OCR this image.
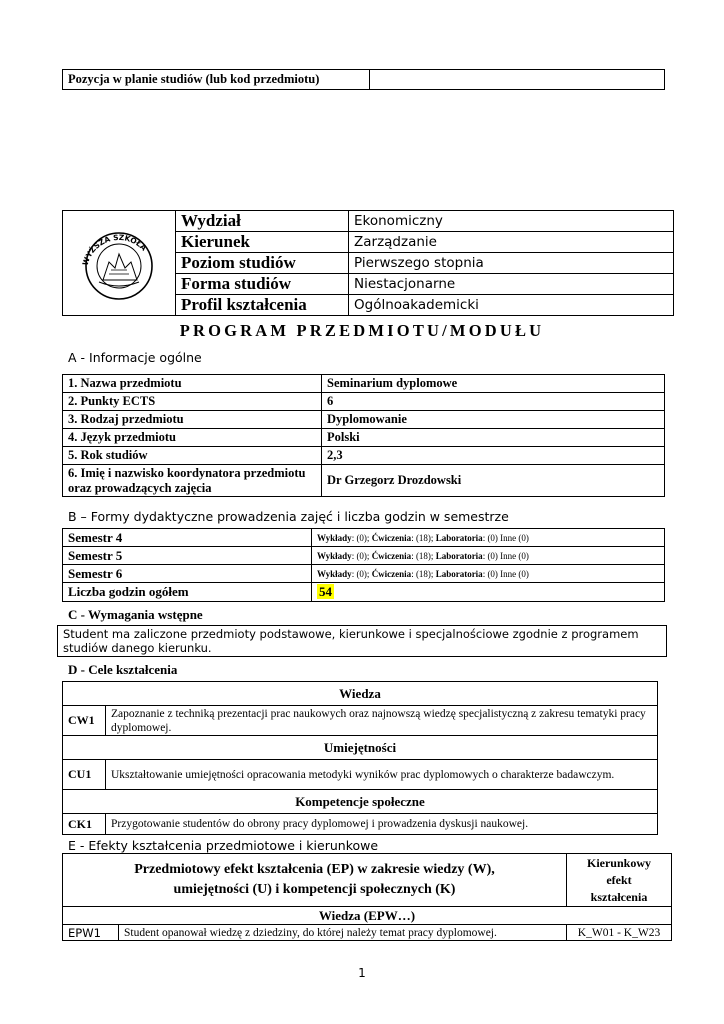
Pozycja w planie studiów (lub kod przedmiotu)	
WYŻSZA SZKOŁA	Wydział	Ekonomiczny
	Kierunek	Zarządzanie
	Poziom studiów	Pierwszego stopnia
	Forma studiów	Niestacjonarne
	Profil kształcenia	Ogólnoakademicki
PROGRAM PRZEDMIOTU/MODUŁU
A - Informacje ogólne
1. Nazwa przedmiotu	Seminarium dyplomowe
2. Punkty ECTS	6
3. Rodzaj przedmiotu	Dyplomowanie
4. Język przedmiotu	Polski
5. Rok studiów	2,3
6. Imię i nazwisko koordynatora przedmiotu oraz prowadzących zajęcia	Dr Grzegorz Drozdowski
B – Formy dydaktyczne prowadzenia zajęć i liczba godzin w semestrze
Semestr 4	Wykłady: (0); Ćwiczenia: (18); Laboratoria: (0) Inne (0)
Semestr 5	Wykłady: (0); Ćwiczenia: (18); Laboratoria: (0) Inne (0)
Semestr 6	Wykłady: (0); Ćwiczenia: (18); Laboratoria: (0) Inne (0)
Liczba godzin ogółem	54
C - Wymagania wstępne
Student ma zaliczone przedmioty podstawowe, kierunkowe i specjalnościowe zgodnie z programem studiów danego kierunku.
D - Cele kształcenia
Wiedza	
CW1	Zapoznanie z techniką prezentacji prac naukowych oraz najnowszą wiedzę specjalistyczną z zakresu tematyki pracy dyplomowej.
Umiejętności	
CU1	Ukształtowanie umiejętności opracowania metodyki wyników prac dyplomowych o charakterze badawczym.
Kompetencje społeczne	
CK1	Przygotowanie studentów do obrony pracy dyplomowej i prowadzenia dyskusji naukowej.
E - Efekty kształcenia przedmiotowe i kierunkowe
Przedmiotowy efekt kształcenia (EP) w zakresie wiedzy (W),
umiejętności (U) i kompetencji społecznych (K)		Kierunkowy
efekt
kształcenia
Wiedza (EPW…)		
EPW1	Student opanował wiedzę z dziedziny, do której należy temat pracy dyplomowej.	K_W01 - K_W23
1
